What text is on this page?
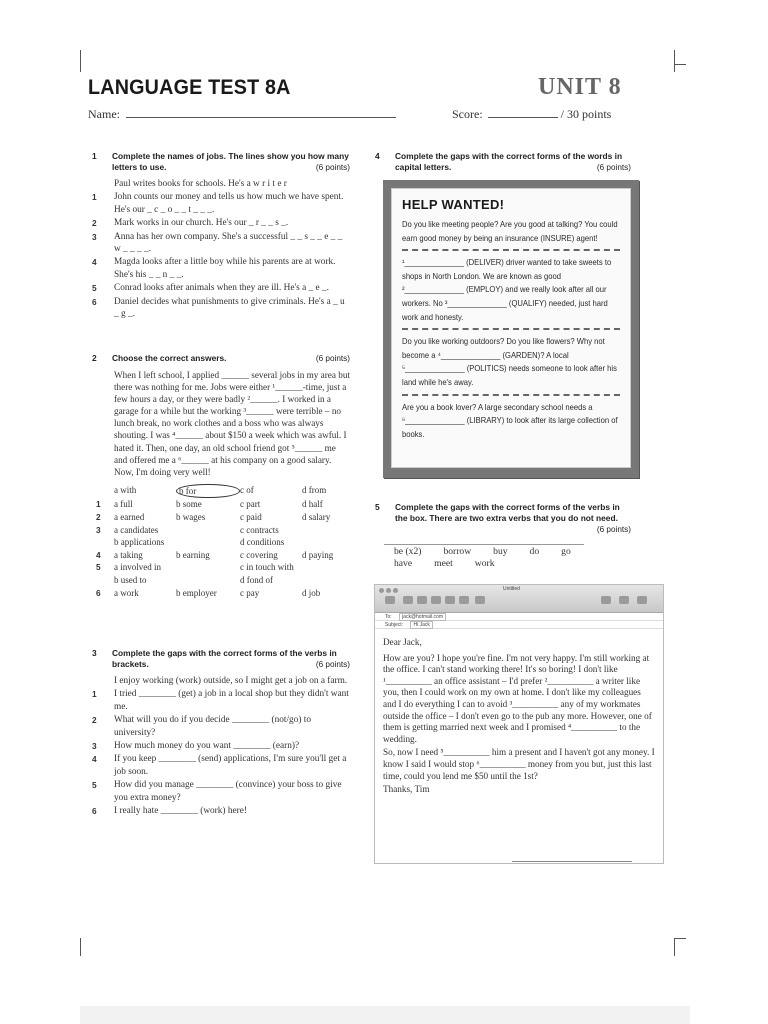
LANGUAGE TEST 8A	UNIT 8
Name:	Score:	/ 30 points
1 Complete the names of jobs. The lines show you how many letters to use.	(6 points)
Paul writes books for schools. He's a w r i t e r
1 John counts our money and tells us how much we have spent. He's our _ c _ o _ _ t _ _ _.
2 Mark works in our church. He's our _ r _ _ s _.
3 Anna has her own company. She's a successful _ _ s _ _ e _ _ w _ _ _ _.
4 Magda looks after a little boy while his parents are at work. She's his _ _ n _ _.
5 Conrad looks after animals when they are ill. He's a _ e _.
6 Daniel decides what punishments to give criminals. He's a _ u _ g _.
2 Choose the correct answers.	(6 points)
When I left school, I applied ______ several jobs in my area but there was nothing for me. Jobs were either ¹______-time, just a few hours a day, or they were badly ²______. I worked in a garage for a while but the working ³______ were terrible – no lunch break, no work clothes and a boss who was always shouting. I was ⁴______ about $150 a week which was awful. I hated it. Then, one day, an old school friend got ⁵______ me and offered me a ⁶______ at his company on a good salary. Now, I'm doing very well!
a with	b for	c of	d from
1	a full	b some	c part	d half
2	a earned	b wages	c paid	d salary
3	a candidates	c contracts
b applications	d conditions
4	a taking	b earning	c covering	d paying
5	a involved in	c in touch with
b used to	d fond of
6	a work	b employer	c pay	d job
3 Complete the gaps with the correct forms of the verbs in brackets.	(6 points)
I enjoy working (work) outside, so I might get a job on a farm.
1 I tried ________ (get) a job in a local shop but they didn't want me.
2 What will you do if you decide ________ (not/go) to university?
3 How much money do you want ________ (earn)?
4 If you keep ________ (send) applications, I'm sure you'll get a job soon.
5 How did you manage ________ (convince) your boss to give you extra money?
6 I really hate ________ (work) here!
4 Complete the gaps with the correct forms of the words in capital letters.	(6 points)
HELP WANTED!
Do you like meeting people? Are you good at talking? You could earn good money by being an insurance (INSURE) agent!
¹______________ (DELIVER) driver wanted to take sweets to shops in North London. We are known as good ²______________ (EMPLOY) and we really look after all our workers. No ³______________ (QUALIFY) needed, just hard work and honesty.
Do you like working outdoors? Do you like flowers? Why not become a ⁴______________ (GARDEN)? A local ⁵______________ (POLITICS) needs someone to look after his land while he's away.
Are you a book lover? A large secondary school needs a ⁶______________ (LIBRARY) to look after its large collection of books.
5 Complete the gaps with the correct forms of the verbs in the box. There are two extra verbs that you do not need.
(6 points)
be (x2) borrow buy do go
have meet work
Untitled
To: jack@hotmail.com
Subject: Hi Jack
Dear Jack,
How are you? I hope you're fine. I'm not very happy. I'm still working at the office. I can't stand working there! It's so boring! I don't like ¹__________ an office assistant – I'd prefer ²__________ a writer like you, then I could work on my own at home. I don't like my colleagues and I do everything I can to avoid ³__________ any of my workmates outside the office – I don't even go to the pub any more. However, one of them is getting married next week and I promised ⁴__________ to the wedding.
So, now I need ⁵__________ him a present and I haven't got any money. I know I said I would stop ⁶__________ money from you but, just this last time, could you lend me $50 until the 1st?
Thanks, Tim
